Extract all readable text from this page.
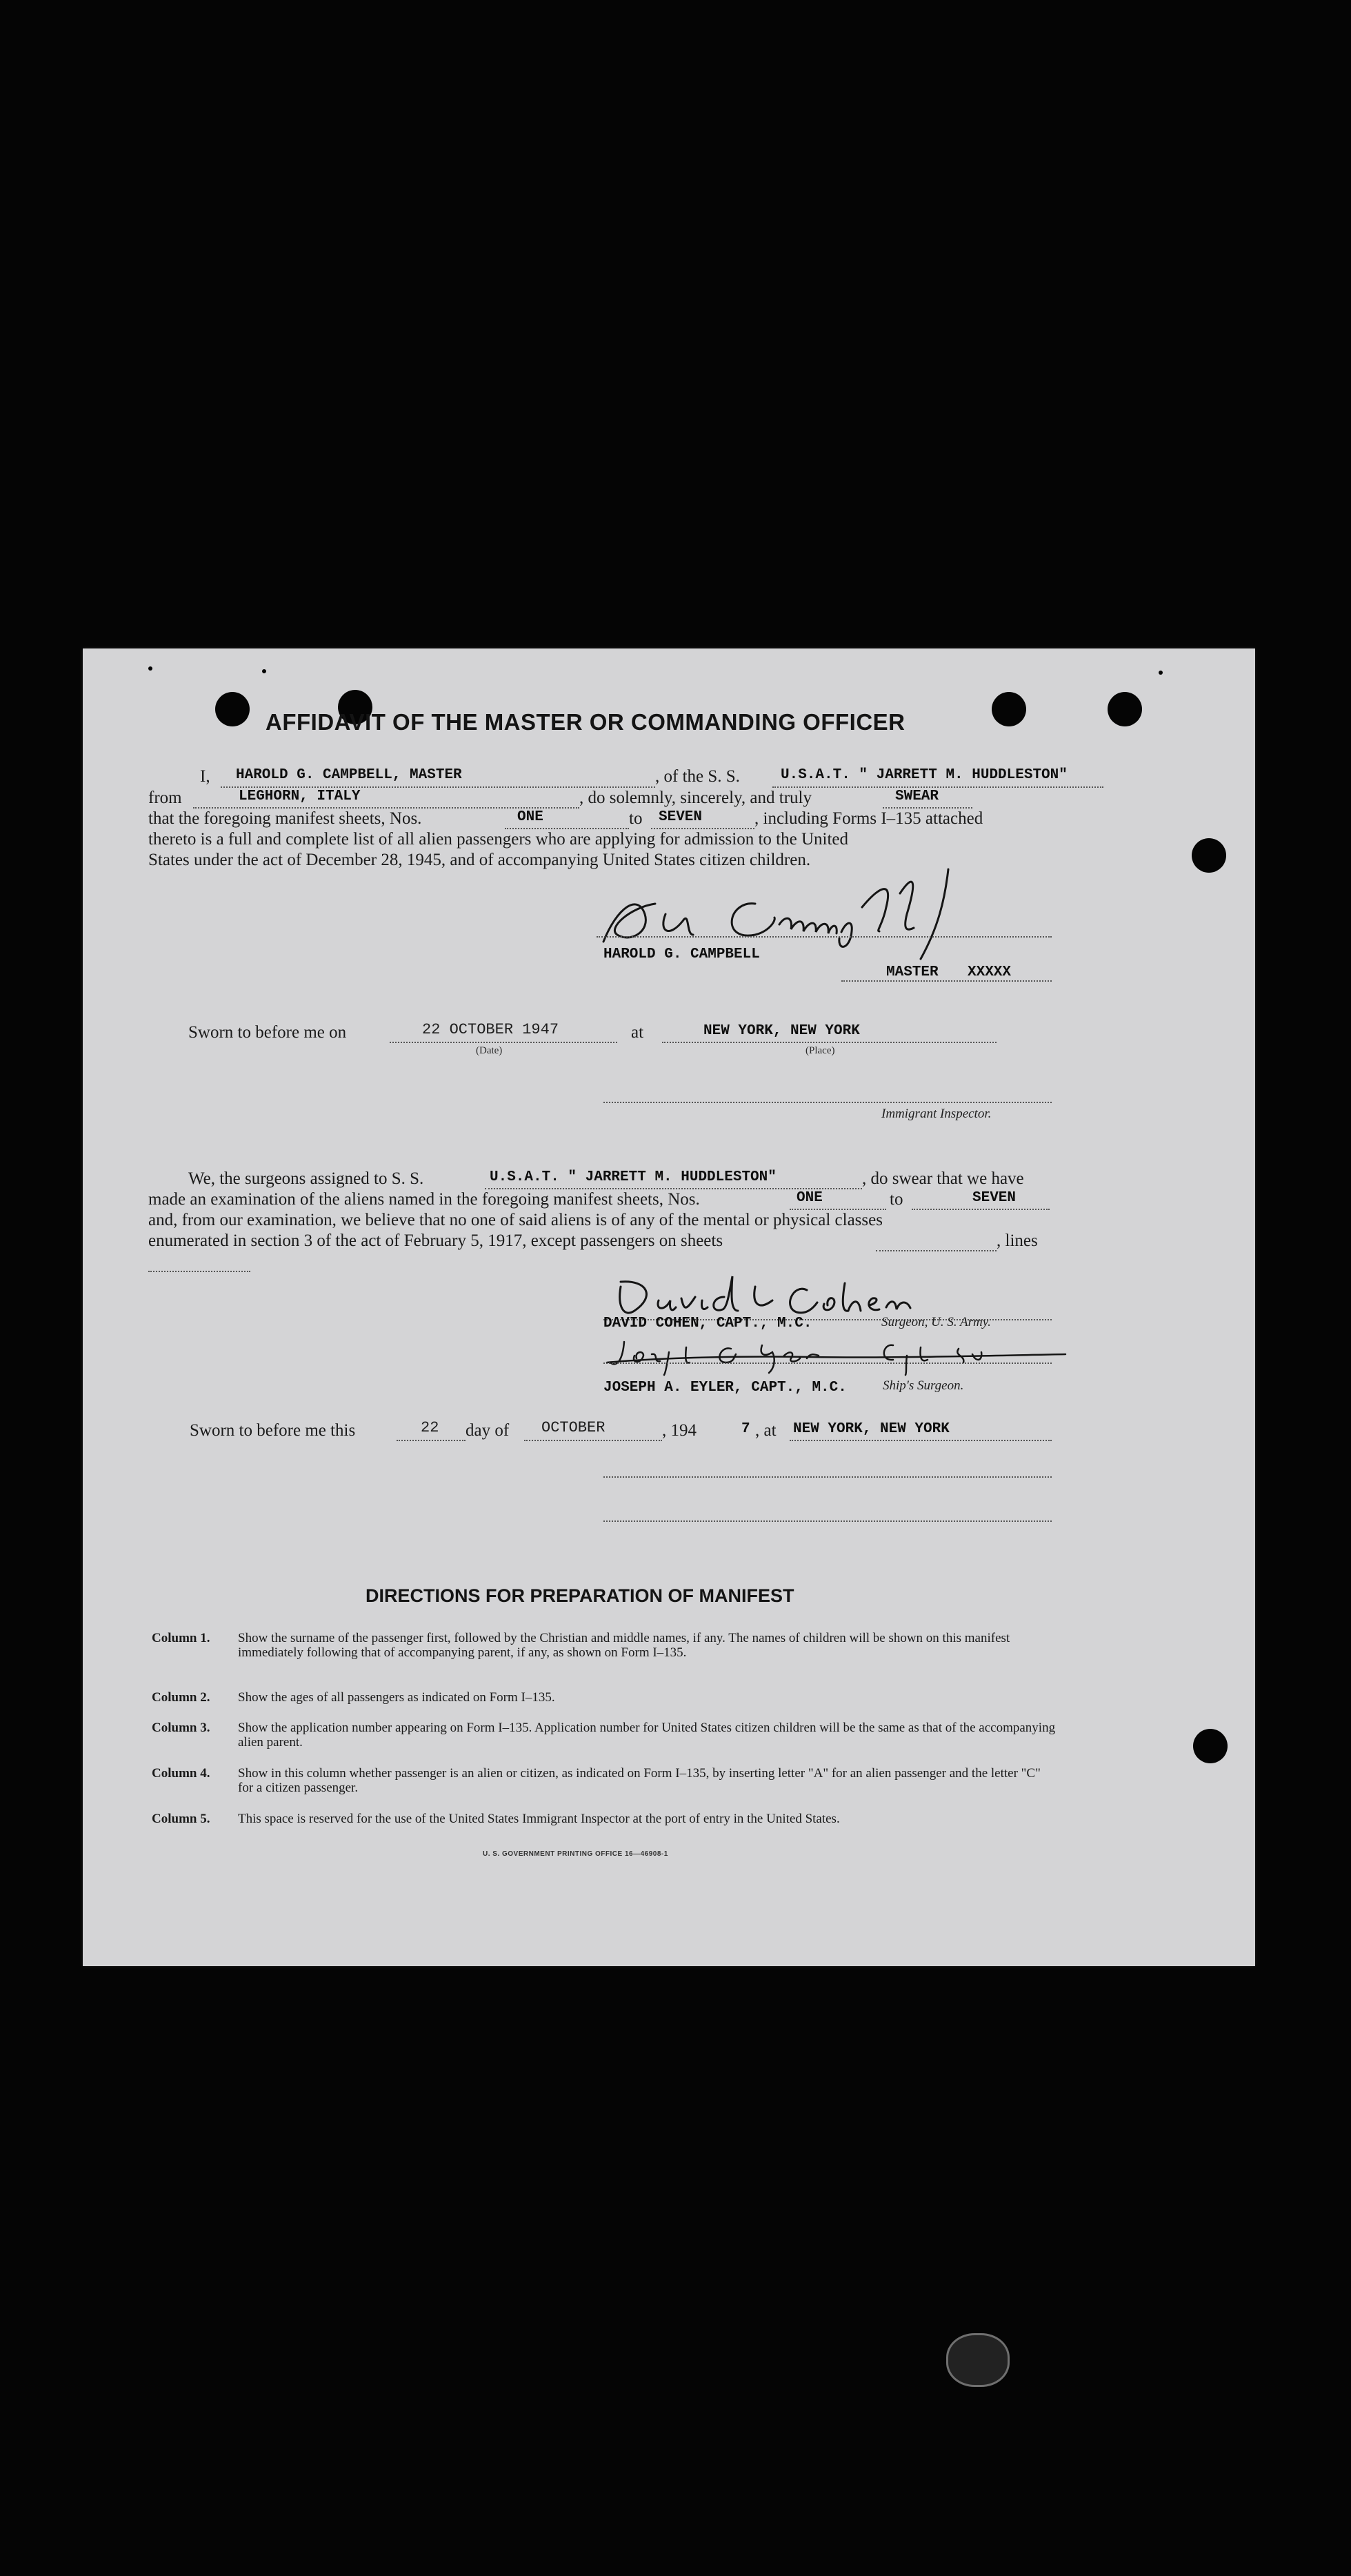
AFFIDAVIT OF THE MASTER OR COMMANDING OFFICER
I, HAROLD G. CAMPBELL, MASTER	, of the S. S.	U.S.A.T. " JARRETT M. HUDDLESTON"
from	LEGHORN, ITALY	, do solemnly, sincerely, and truly	SWEAR
that the foregoing manifest sheets, Nos.	ONE	to SEVEN	, including Forms I–135 attached
thereto is a full and complete list of all alien passengers who are applying for admission to the United
States under the act of December 28, 1945, and of accompanying United States citizen children.
HAROLD G. CAMPBELL
MASTER XXXXX
Sworn to before me on	22 OCTOBER 1947
(Date)
at	NEW YORK, NEW YORK
(Place)
Immigrant Inspector.
We, the surgeons assigned to S. S.	U.S.A.T. " JARRETT M. HUDDLESTON"	, do swear that we have
made an examination of the aliens named in the foregoing manifest sheets, Nos.	ONE	to	SEVEN
and, from our examination, we believe that no one of said aliens is of any of the mental or physical classes
enumerated in section 3 of the act of February 5, 1917, except passengers on sheets	, lines
DAVID COHEN, CAPT., M.C.	Surgeon, U. S. Army.
JOSEPH A. EYLER, CAPT., M.C.	Ship's Surgeon.
Sworn to before me this	22 day of OCTOBER	, 194	7 , at NEW YORK, NEW YORK
DIRECTIONS FOR PREPARATION OF MANIFEST
Column 1. Show the surname of the passenger first, followed by the Christian and middle names, if any. The names of children will be shown on this manifest immediately following that of accompanying parent, if any, as shown on Form I–135.
Column 2. Show the ages of all passengers as indicated on Form I–135.
Column 3. Show the application number appearing on Form I–135. Application number for United States citizen children will be the same as that of the accompanying alien parent.
Column 4. Show in this column whether passenger is an alien or citizen, as indicated on Form I–135, by inserting letter "A" for an alien passenger and the letter "C" for a citizen passenger.
Column 5. This space is reserved for the use of the United States Immigrant Inspector at the port of entry in the United States.
U. S. GOVERNMENT PRINTING OFFICE 16—46908-1
